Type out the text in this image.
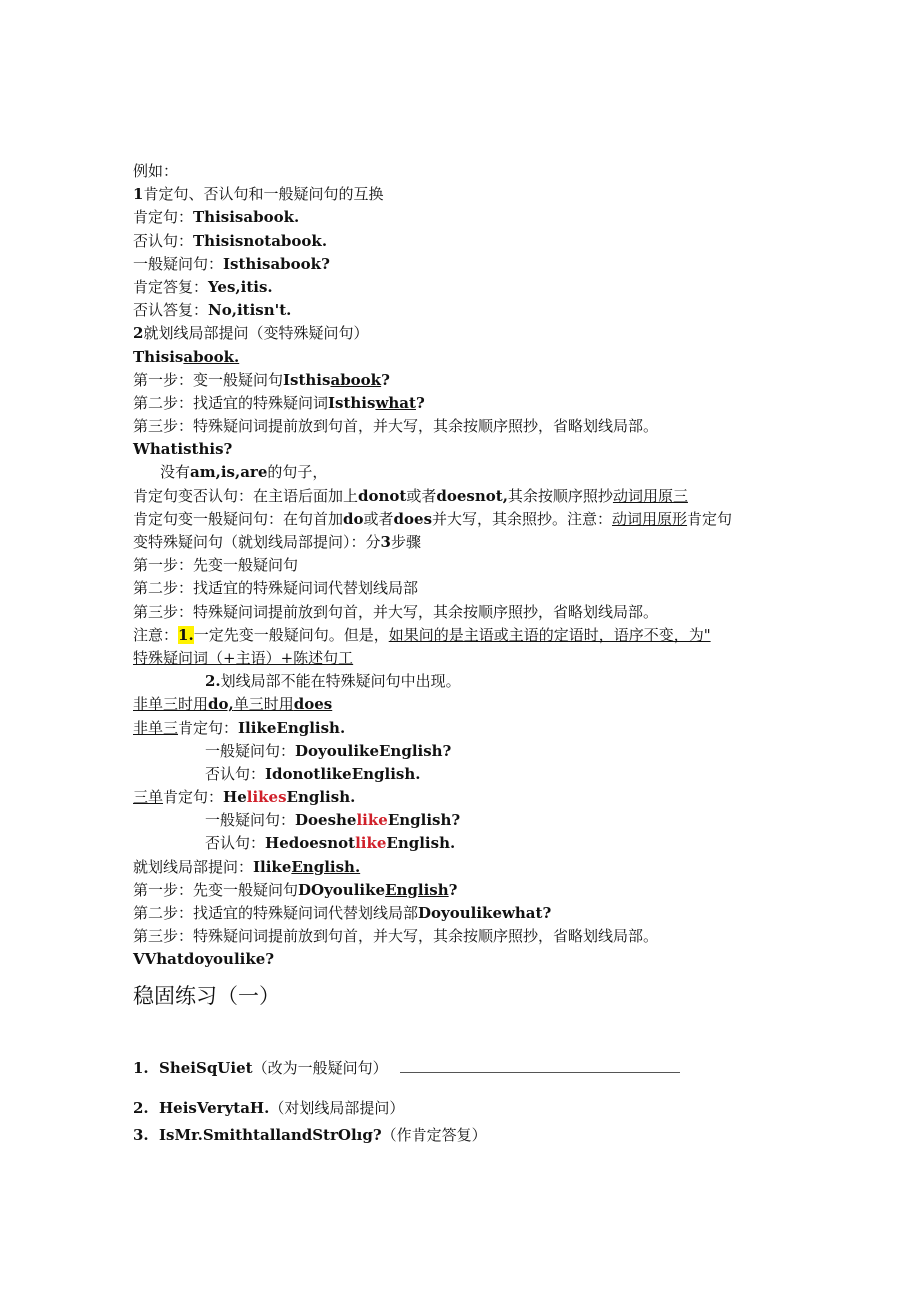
例如：
1肯定句、否认句和一般疑问句的互换
肯定句：Thisisabook.
否认句：Thisisnotabook.
一般疑问句：Isthisabook?
肯定答复：Yes,itis.
否认答复：No,itisn't.
2就划线局部提问（变特殊疑问句）
Thisisabook.
第一步：变一般疑问句Isthisabook?
第二步：找适宜的特殊疑问词Isthiswhat?
第三步：特殊疑问词提前放到句首，并大写，其余按顺序照抄，省略划线局部。
Whatisthis?
没有am,is,are的句子，
肯定句变否认句：在主语后面加上donot或者doesnot,其余按顺序照抄动词用原三
肯定句变一般疑问句：在句首加do或者does并大写，其余照抄。注意：动词用原形肯定句
变特殊疑问句（就划线局部提问）：分3步骤
第一步：先变一般疑问句
第二步：找适宜的特殊疑问词代替划线局部
第三步：特殊疑问词提前放到句首，并大写，其余按顺序照抄，省略划线局部。
注意：1.一定先变一般疑问句。但是，如果问的是主语或主语的定语时，语序不变，为"
特殊疑问词（+主语）+陈述句工
2.划线局部不能在特殊疑问句中出现。
非单三时用do,单三时用does
非单三肯定句：IlikeEnglish.
一般疑问句：DoyoulikeEnglish?
否认句：IdonotlikeEnglish.
三单肯定句：HelikesEnglish.
一般疑问句：DoeshelikeEnglish?
否认句：HedoesnotlikeEnglish.
就划线局部提问：IlikeEnglish.
第一步：先变一般疑问句DOyoulikeEnglish?
第二步：找适宜的特殊疑问词代替划线局部Doyoulikewhat?
第三步：特殊疑问词提前放到句首，并大写，其余按顺序照抄，省略划线局部。
VVhatdoyoulike?
稳固练习（一）
1. SheiSqUiet（改为一般疑问句）
2. HeisVerytaH.（对划线局部提问）
3. IsMr.SmithtallandStrOlıg?（作肯定答复）
